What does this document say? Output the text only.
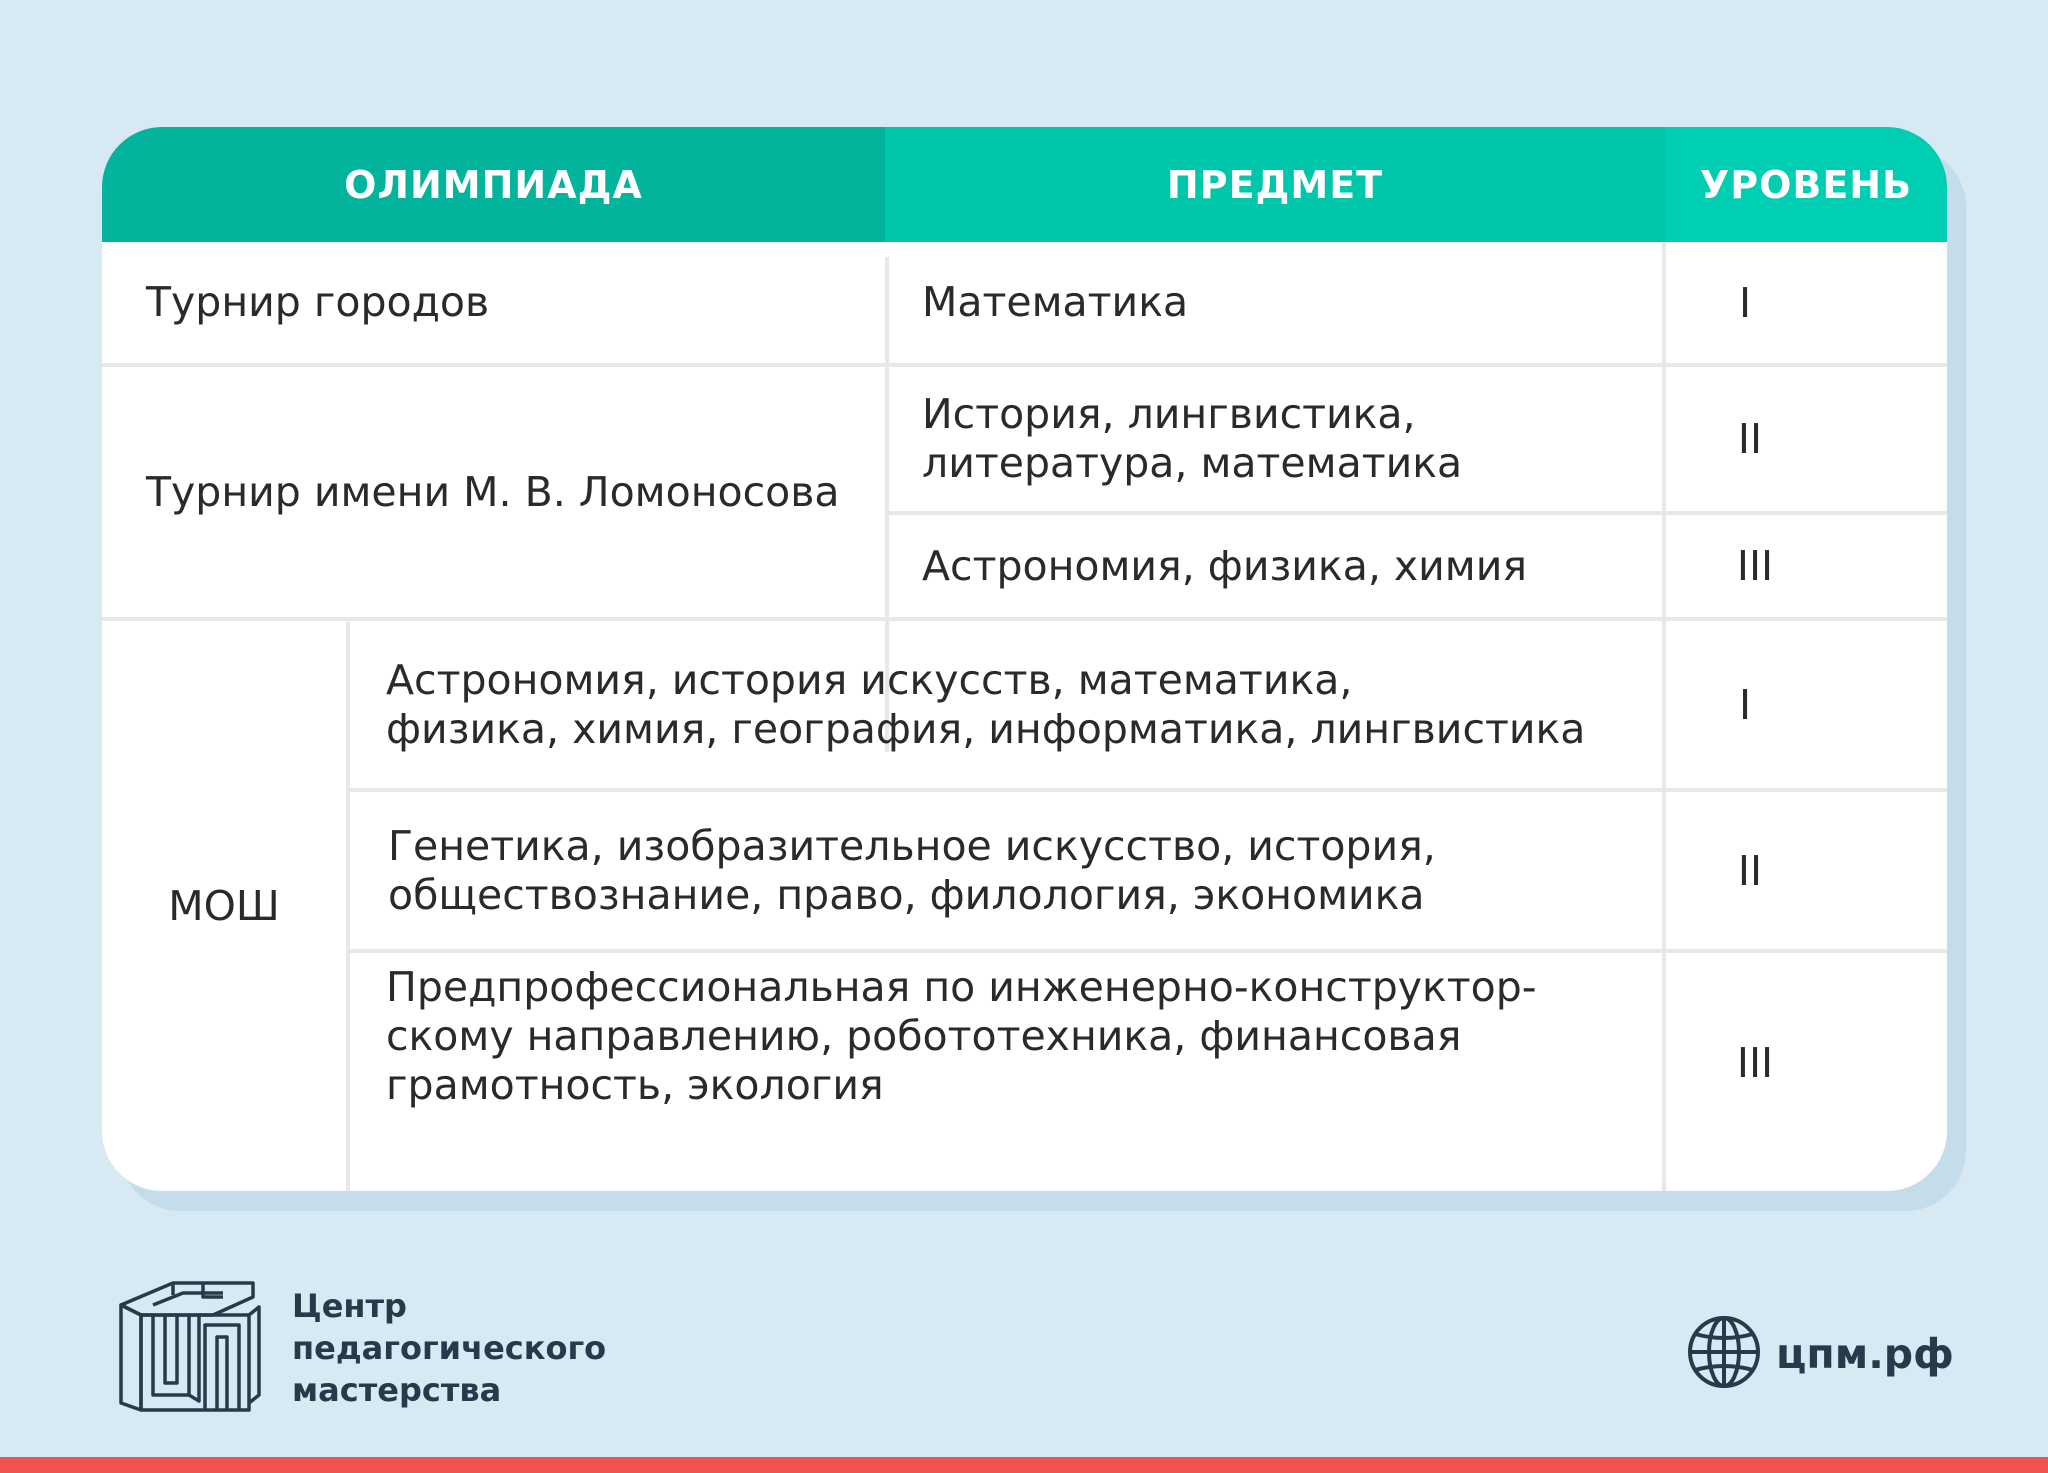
ОЛИМПИАДА	ПРЕДМЕТ	УРОВЕНЬ
Турнир городов	Математика	I
Турнир имени М. В. Ломоносова
История, лингвистика,
литература, математика	II
Астрономия, физика, химия	III
МОШ
Астрономия, история искусств, математика,
физика, химия, география, информатика, лингвистика	I
Генетика, изобразительное искусство, история,
обществознание, право, филология, экономика	II
Предпрофессиональная по инженерно-конструктор-
скому направлению, робототехника, финансовая
грамотность, экология	III
Центр
педагогического
мастерства
цпм.рф
